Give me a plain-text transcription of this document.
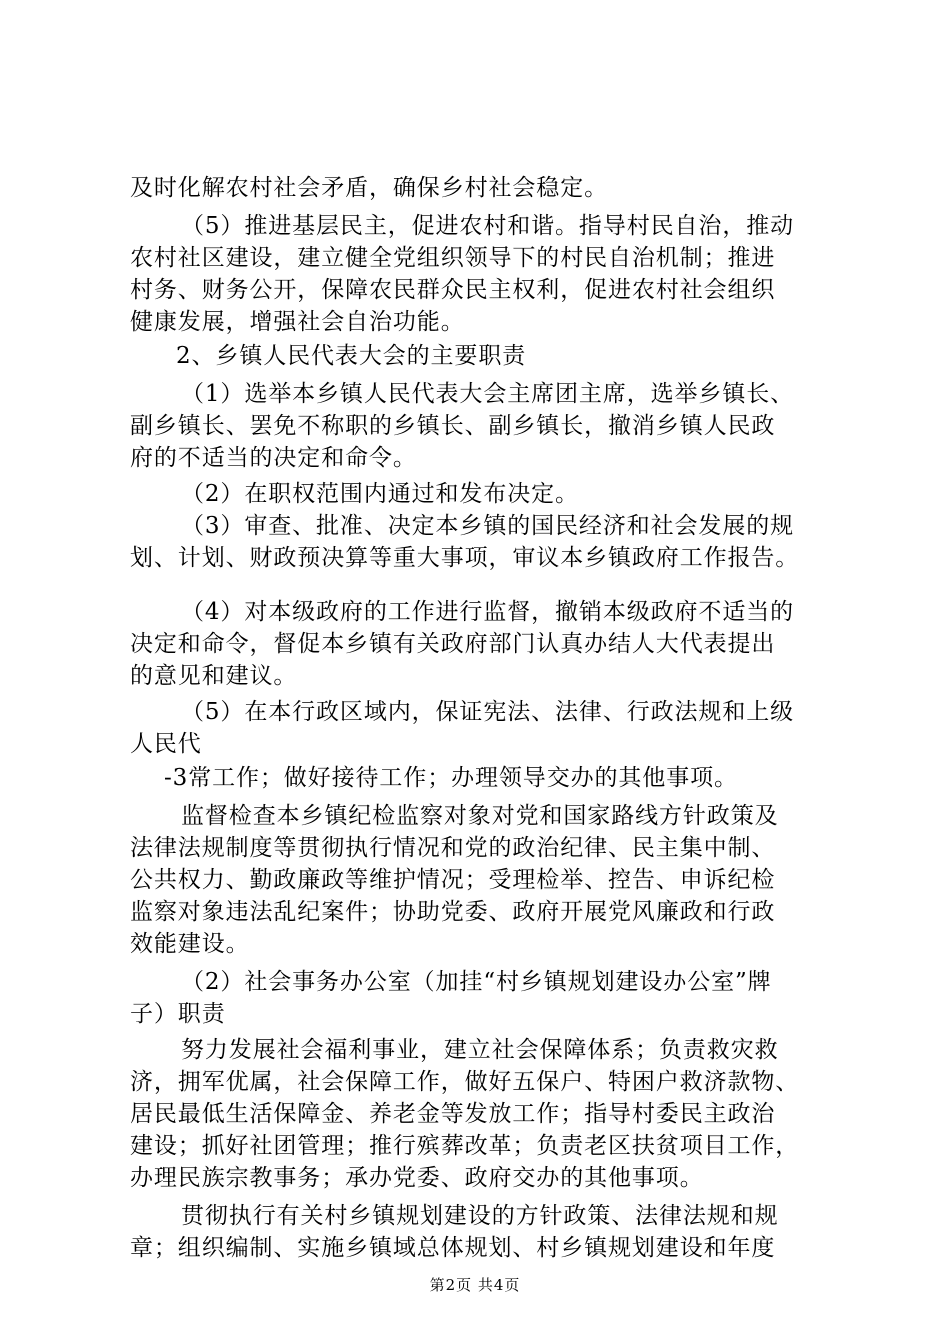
及时化解农村社会矛盾，确保乡村社会稳定。
（5）推进基层民主，促进农村和谐。指导村民自治，推动
农村社区建设，建立健全党组织领导下的村民自治机制；推进
村务、财务公开，保障农民群众民主权利，促进农村社会组织
健康发展，增强社会自治功能。
2、乡镇人民代表大会的主要职责
（1）选举本乡镇人民代表大会主席团主席，选举乡镇长、
副乡镇长、罢免不称职的乡镇长、副乡镇长，撤消乡镇人民政
府的不适当的决定和命令。
（2）在职权范围内通过和发布决定。
（3）审查、批准、决定本乡镇的国民经济和社会发展的规
划、计划、财政预决算等重大事项，审议本乡镇政府工作报告。
（4）对本级政府的工作进行监督，撤销本级政府不适当的
决定和命令，督促本乡镇有关政府部门认真办结人大代表提出
的意见和建议。
（5）在本行政区域内，保证宪法、法律、行政法规和上级
人民代
-3常工作；做好接待工作；办理领导交办的其他事项。
监督检查本乡镇纪检监察对象对党和国家路线方针政策及
法律法规制度等贯彻执行情况和党的政治纪律、民主集中制、
公共权力、勤政廉政等维护情况；受理检举、控告、申诉纪检
监察对象违法乱纪案件；协助党委、政府开展党风廉政和行政
效能建设。
（2）社会事务办公室（加挂“村乡镇规划建设办公室”牌
子）职责
努力发展社会福利事业，建立社会保障体系；负责救灾救
济，拥军优属，社会保障工作，做好五保户、特困户救济款物、
居民最低生活保障金、养老金等发放工作；指导村委民主政治
建设；抓好社团管理；推行殡葬改革；负责老区扶贫项目工作，
办理民族宗教事务；承办党委、政府交办的其他事项。
贯彻执行有关村乡镇规划建设的方针政策、法律法规和规
章；组织编制、实施乡镇域总体规划、村乡镇规划建设和年度
第2页 共4页
